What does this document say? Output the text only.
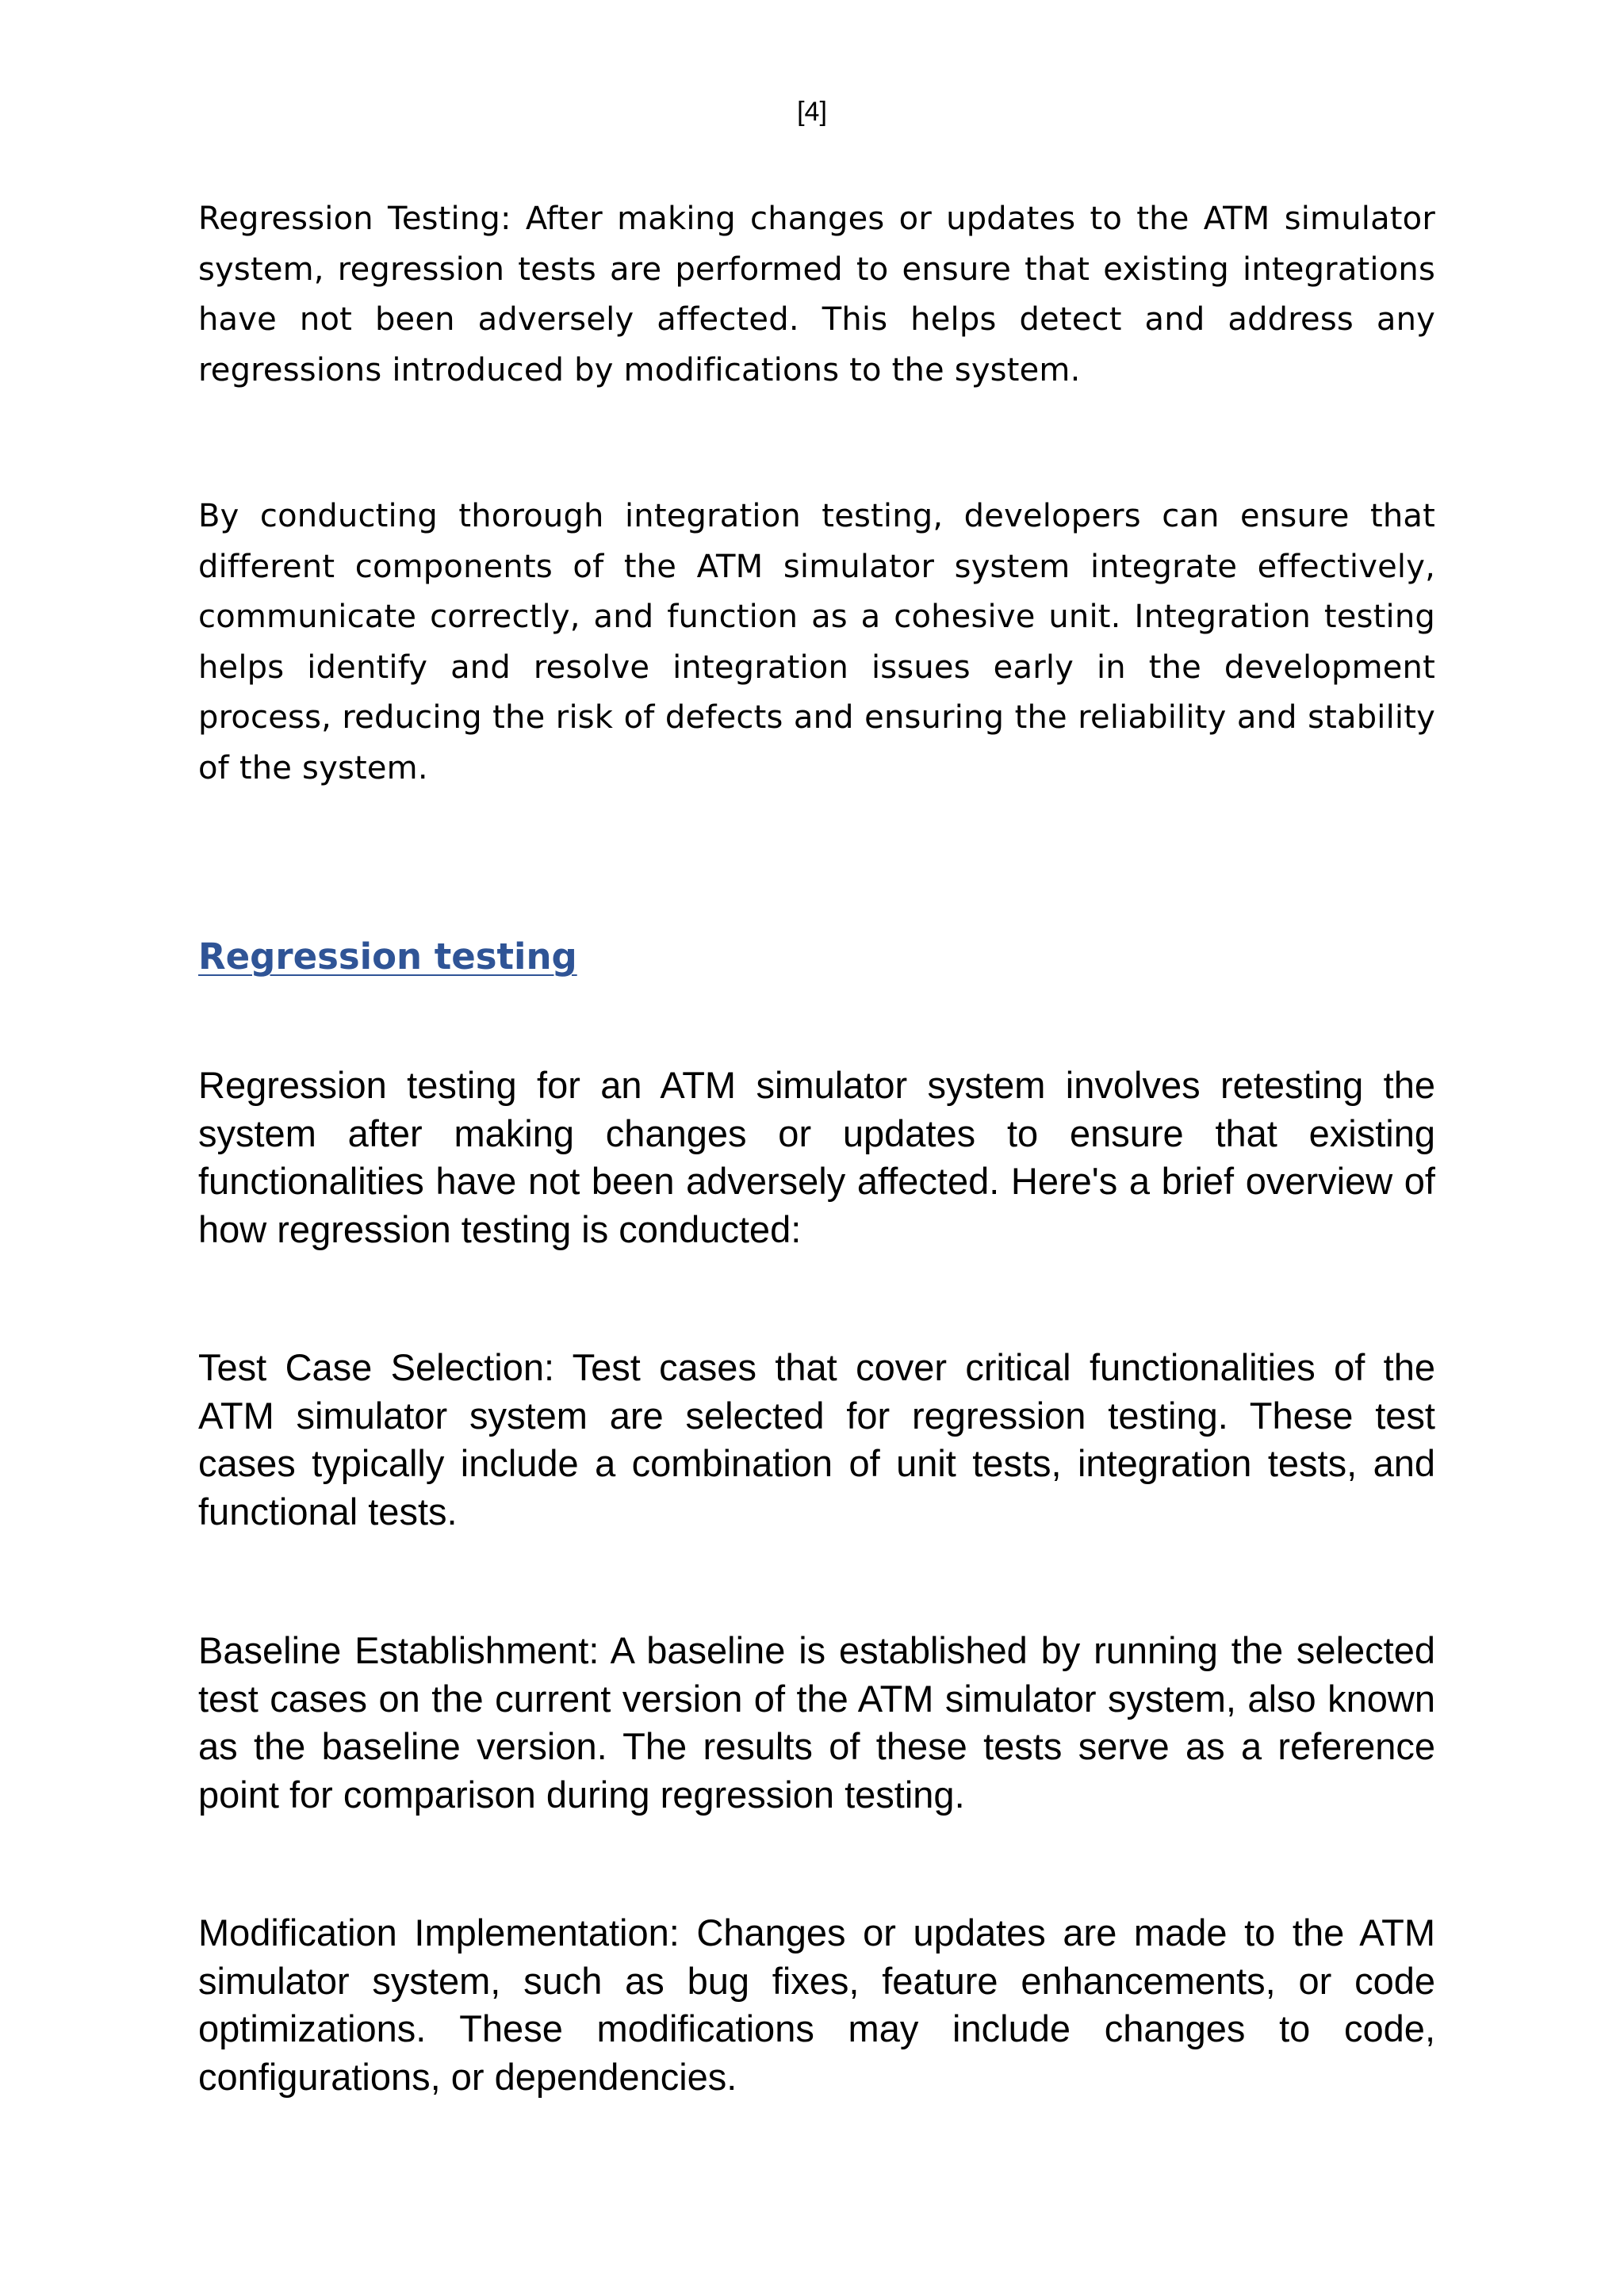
[4]

Regression Testing: After making changes or updates to the ATM simulator system, regression tests are performed to ensure that existing integrations have not been adversely affected. This helps detect and address any regressions introduced by modifications to the system.

By conducting thorough integration testing, developers can ensure that different components of the ATM simulator system integrate effectively, communicate correctly, and function as a cohesive unit. Integration testing helps identify and resolve integration issues early in the development process, reducing the risk of defects and ensuring the reliability and stability of the system.

Regression testing

Regression testing for an ATM simulator system involves retesting the system after making changes or updates to ensure that existing functionalities have not been adversely affected. Here's a brief overview of how regression testing is conducted:

Test Case Selection: Test cases that cover critical functionalities of the ATM simulator system are selected for regression testing. These test cases typically include a combination of unit tests, integration tests, and functional tests.

Baseline Establishment: A baseline is established by running the selected test cases on the current version of the ATM simulator system, also known as the baseline version. The results of these tests serve as a reference point for comparison during regression testing.

Modification Implementation: Changes or updates are made to the ATM simulator system, such as bug fixes, feature enhancements, or code optimizations. These modifications may include changes to code, configurations, or dependencies.
